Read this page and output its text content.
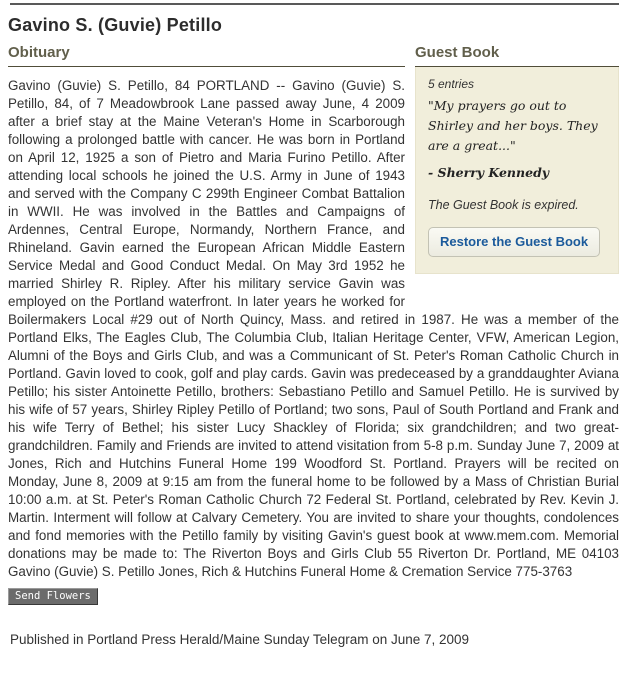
Gavino S. (Guvie) Petillo
Guest Book
5 entries
"My prayers go out to Shirley and her boys. They are a great..."
- Sherry Kennedy
The Guest Book is expired.
Restore the Guest Book
Obituary

Gavino (Guvie) S. Petillo, 84 PORTLAND -- Gavino (Guvie) S. Petillo, 84, of 7 Meadowbrook Lane passed away June, 4 2009 after a brief stay at the Maine Veteran's Home in Scarborough following a prolonged battle with cancer. He was born in Portland on April 12, 1925 a son of Pietro and Maria Furino Petillo. After attending local schools he joined the U.S. Army in June of 1943 and served with the Company C 299th Engineer Combat Battalion in WWII. He was involved in the Battles and Campaigns of Ardennes, Central Europe, Normandy, Northern France, and Rhineland. Gavin earned the European African Middle Eastern Service Medal and Good Conduct Medal. On May 3rd 1952 he married Shirley R. Ripley. After his military service Gavin was employed on the Portland waterfront. In later years he worked for Boilermakers Local #29 out of North Quincy, Mass. and retired in 1987. He was a member of the Portland Elks, The Eagles Club, The Columbia Club, Italian Heritage Center, VFW, American Legion, Alumni of the Boys and Girls Club, and was a Communicant of St. Peter's Roman Catholic Church in Portland. Gavin loved to cook, golf and play cards. Gavin was predeceased by a granddaughter Aviana Petillo; his sister Antoinette Petillo, brothers: Sebastiano Petillo and Samuel Petillo. He is survived by his wife of 57 years, Shirley Ripley Petillo of Portland; two sons, Paul of South Portland and Frank and his wife Terry of Bethel; his sister Lucy Shackley of Florida; six grandchildren; and two great-grandchildren. Family and Friends are invited to attend visitation from 5-8 p.m. Sunday June 7, 2009 at Jones, Rich and Hutchins Funeral Home 199 Woodford St. Portland. Prayers will be recited on Monday, June 8, 2009 at 9:15 am from the funeral home to be followed by a Mass of Christian Burial 10:00 a.m. at St. Peter's Roman Catholic Church 72 Federal St. Portland, celebrated by Rev. Kevin J. Martin. Interment will follow at Calvary Cemetery. You are invited to share your thoughts, condolences and fond memories with the Petillo family by visiting Gavin's guest book at www.mem.com. Memorial donations may be made to: The Riverton Boys and Girls Club 55 Riverton Dr. Portland, ME 04103 Gavino (Guvie) S. Petillo Jones, Rich & Hutchins Funeral Home & Cremation Service 775-3763

Send Flowers

Published in Portland Press Herald/Maine Sunday Telegram on June 7, 2009
